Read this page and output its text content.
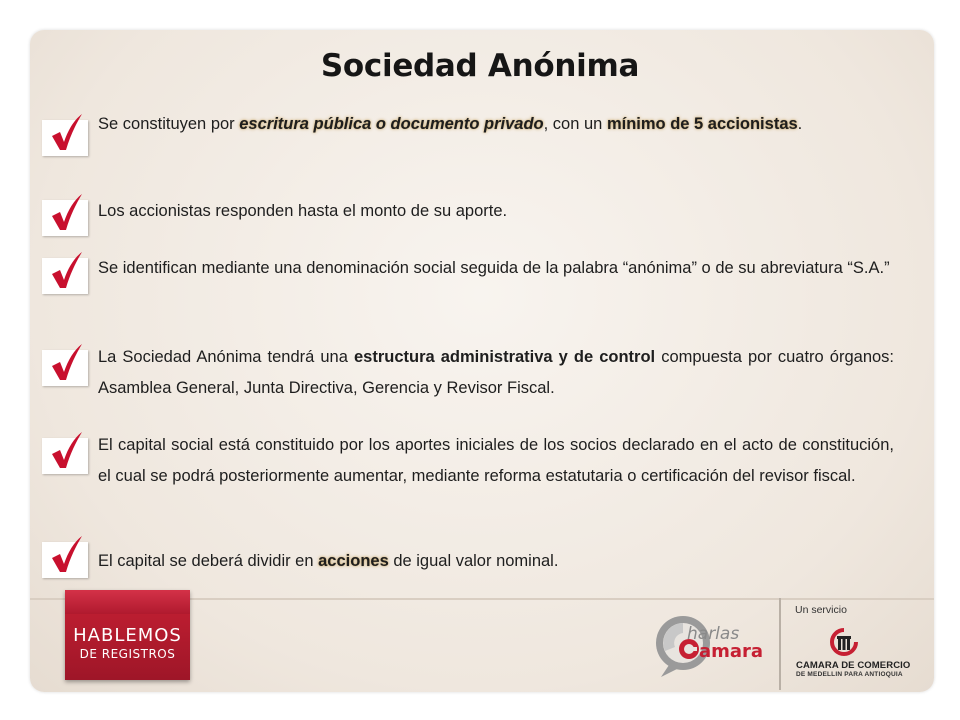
Sociedad Anónima
Se constituyen por escritura pública o documento privado, con un mínimo de 5 accionistas.
Los accionistas responden hasta el monto de su aporte.
Se identifican mediante una denominación social seguida de la palabra “anónima” o de su abreviatura “S.A.”
La Sociedad Anónima tendrá una estructura administrativa y de control compuesta por cuatro órganos: Asamblea General, Junta Directiva, Gerencia y Revisor Fiscal.
El capital social está constituido por los aportes iniciales de los socios declarado en el acto de constitución, el cual se podrá posteriormente aumentar, mediante reforma estatutaria o certificación del revisor fiscal.
El capital se deberá dividir en acciones de igual valor nominal.
HABLEMOS
DE REGISTROS
harlas
amara
Un servicio
CAMARA DE COMERCIO
DE MEDELLIN PARA ANTIOQUIA
